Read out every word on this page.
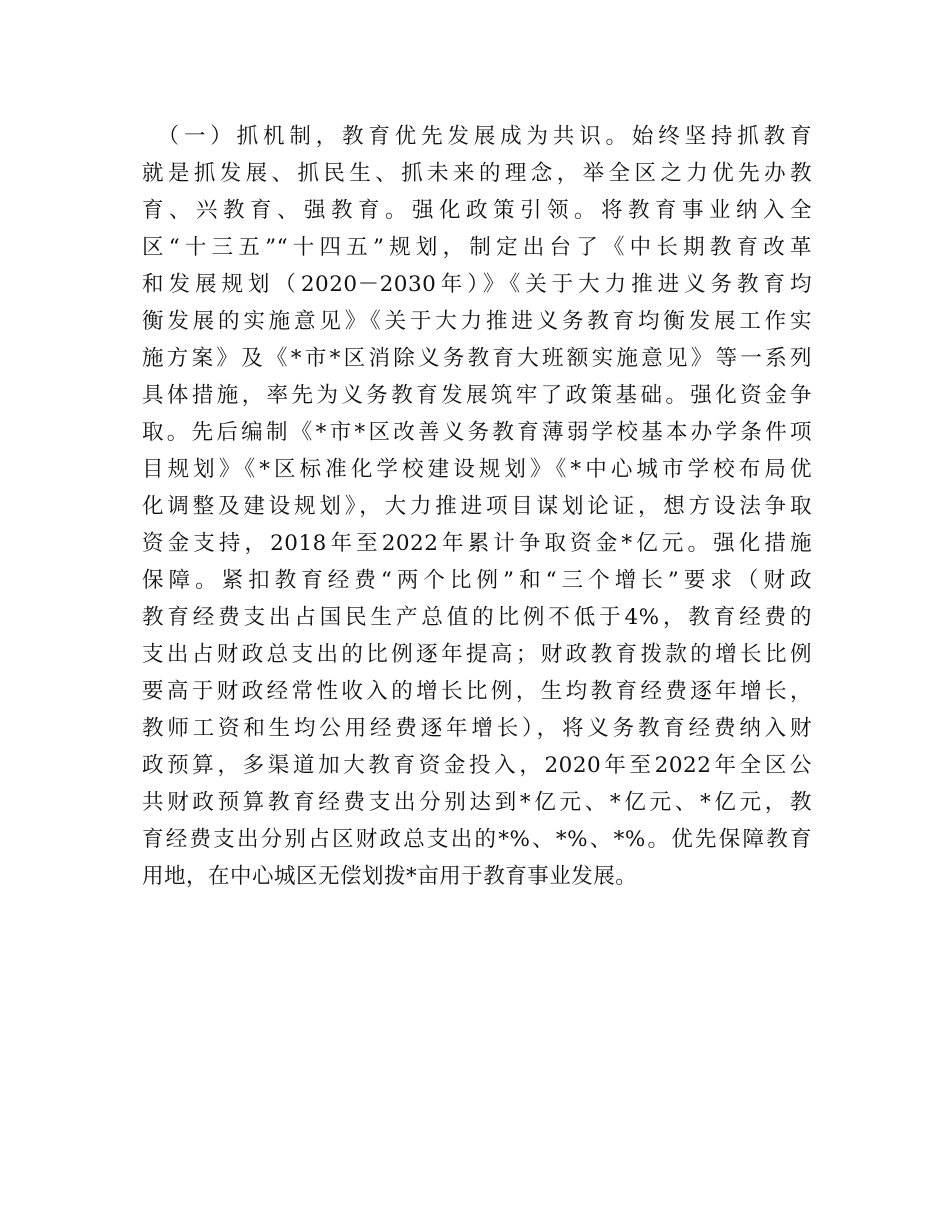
　（一）抓机制，教育优先发展成为共识。始终坚持抓教育
就是抓发展、抓民生、抓未来的理念，举全区之力优先办教
育、兴教育、强教育。强化政策引领。将教育事业纳入全
区“十三五”“十四五”规划，制定出台了《中长期教育改革
和发展规划（2020－2030年）》《关于大力推进义务教育均
衡发展的实施意见》《关于大力推进义务教育均衡发展工作实
施方案》及《*市*区消除义务教育大班额实施意见》等一系列
具体措施，率先为义务教育发展筑牢了政策基础。强化资金争
取。先后编制《*市*区改善义务教育薄弱学校基本办学条件项
目规划》《*区标准化学校建设规划》《*中心城市学校布局优
化调整及建设规划》，大力推进项目谋划论证，想方设法争取
资金支持，2018年至2022年累计争取资金*亿元。强化措施
保障。紧扣教育经费“两个比例”和“三个增长”要求（财政
教育经费支出占国民生产总值的比例不低于4%，教育经费的
支出占财政总支出的比例逐年提高；财政教育拨款的增长比例
要高于财政经常性收入的增长比例，生均教育经费逐年增长，
教师工资和生均公用经费逐年增长），将义务教育经费纳入财
政预算，多渠道加大教育资金投入，2020年至2022年全区公
共财政预算教育经费支出分别达到*亿元、*亿元、*亿元，教
育经费支出分别占区财政总支出的*%、*%、*%。优先保障教育
用地，在中心城区无偿划拨*亩用于教育事业发展。
